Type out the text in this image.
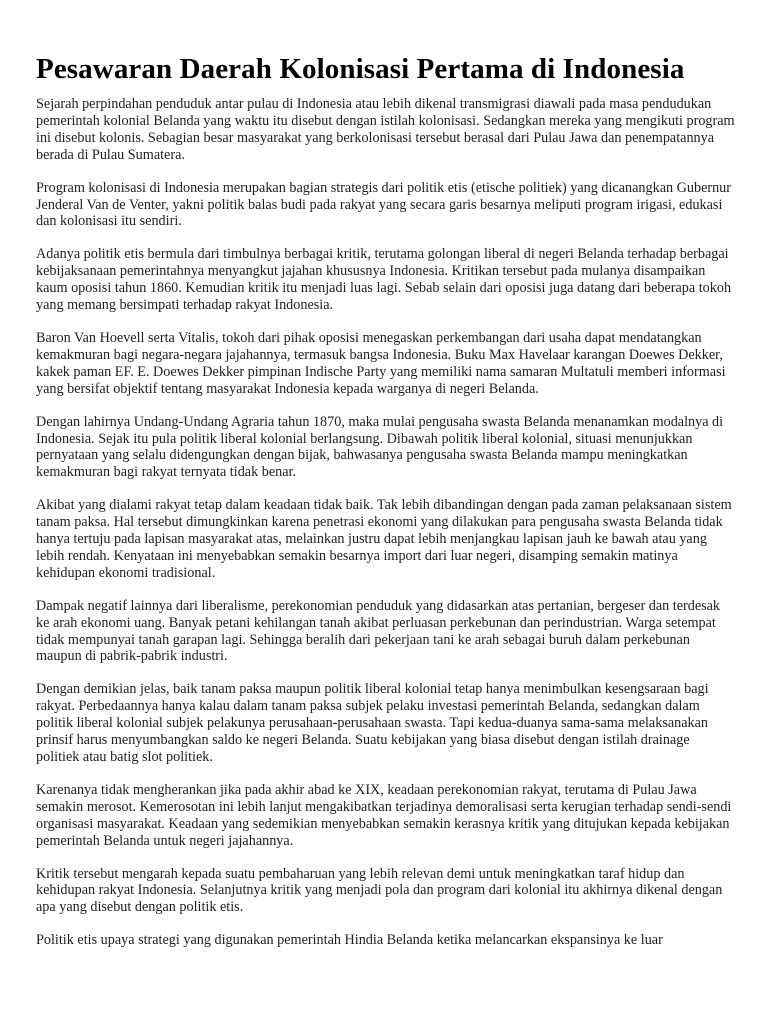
Pesawaran Daerah Kolonisasi Pertama di Indonesia

Sejarah perpindahan penduduk antar pulau di Indonesia atau lebih dikenal transmigrasi diawali pada masa pendudukan pemerintah kolonial Belanda yang waktu itu disebut dengan istilah kolonisasi. Sedangkan mereka yang mengikuti program ini disebut kolonis. Sebagian besar masyarakat yang berkolonisasi tersebut berasal dari Pulau Jawa dan penempatannya berada di Pulau Sumatera.

Program kolonisasi di Indonesia merupakan bagian strategis dari politik etis (etische politiek) yang dicanangkan Gubernur Jenderal Van de Venter, yakni politik balas budi pada rakyat yang secara garis besarnya meliputi program irigasi, edukasi dan kolonisasi itu sendiri.

Adanya politik etis bermula dari timbulnya berbagai kritik, terutama golongan liberal di negeri Belanda terhadap berbagai kebijaksanaan pemerintahnya menyangkut jajahan khususnya Indonesia. Kritikan tersebut pada mulanya disampaikan kaum oposisi tahun 1860. Kemudian kritik itu menjadi luas lagi. Sebab selain dari oposisi juga datang dari beberapa tokoh yang memang bersimpati terhadap rakyat Indonesia.

Baron Van Hoevell serta Vitalis, tokoh dari pihak oposisi menegaskan perkembangan dari usaha dapat mendatangkan kemakmuran bagi negara-negara jajahannya, termasuk bangsa Indonesia. Buku Max Havelaar karangan Doewes Dekker, kakek paman EF. E. Doewes Dekker pimpinan Indische Party yang memiliki nama samaran Multatuli memberi informasi yang bersifat objektif tentang masyarakat Indonesia kepada warganya di negeri Belanda.

Dengan lahirnya Undang-Undang Agraria tahun 1870, maka mulai pengusaha swasta Belanda menanamkan modalnya di Indonesia. Sejak itu pula politik liberal kolonial berlangsung. Dibawah politik liberal kolonial, situasi menunjukkan pernyataan yang selalu didengungkan dengan bijak, bahwasanya pengusaha swasta Belanda mampu meningkatkan kemakmuran bagi rakyat ternyata tidak benar.

Akibat yang dialami rakyat tetap dalam keadaan tidak baik. Tak lebih dibandingan dengan pada zaman pelaksanaan sistem tanam paksa. Hal tersebut dimungkinkan karena penetrasi ekonomi yang dilakukan para pengusaha swasta Belanda tidak hanya tertuju pada lapisan masyarakat atas, melainkan justru dapat lebih menjangkau lapisan jauh ke bawah atau yang lebih rendah. Kenyataan ini menyebabkan semakin besarnya import dari luar negeri, disamping semakin matinya kehidupan ekonomi tradisional.

Dampak negatif lainnya dari liberalisme, perekonomian penduduk yang didasarkan atas pertanian, bergeser dan terdesak ke arah ekonomi uang. Banyak petani kehilangan tanah akibat perluasan perkebunan dan perindustrian. Warga setempat tidak mempunyai tanah garapan lagi. Sehingga beralih dari pekerjaan tani ke arah sebagai buruh dalam perkebunan maupun di pabrik-pabrik industri.

Dengan demikian jelas, baik tanam paksa maupun politik liberal kolonial tetap hanya menimbulkan kesengsaraan bagi rakyat. Perbedaannya hanya kalau dalam tanam paksa subjek pelaku investasi pemerintah Belanda, sedangkan dalam politik liberal kolonial subjek pelakunya perusahaan-perusahaan swasta. Tapi kedua-duanya sama-sama melaksanakan prinsif harus menyumbangkan saldo ke negeri Belanda. Suatu kebijakan yang biasa disebut dengan istilah drainage politiek atau batig slot politiek.

Karenanya tidak mengherankan jika pada akhir abad ke XIX, keadaan perekonomian rakyat, terutama di Pulau Jawa semakin merosot. Kemerosotan ini lebih lanjut mengakibatkan terjadinya demoralisasi serta kerugian terhadap sendi-sendi organisasi masyarakat. Keadaan yang sedemikian menyebabkan semakin kerasnya kritik yang ditujukan kepada kebijakan pemerintah Belanda untuk negeri jajahannya.

Kritik tersebut mengarah kepada suatu pembaharuan yang lebih relevan demi untuk meningkatkan taraf hidup dan kehidupan rakyat Indonesia. Selanjutnya kritik yang menjadi pola dan program dari kolonial itu akhirnya dikenal dengan apa yang disebut dengan politik etis.

Politik etis upaya strategi yang digunakan pemerintah Hindia Belanda ketika melancarkan ekspansinya ke luar
